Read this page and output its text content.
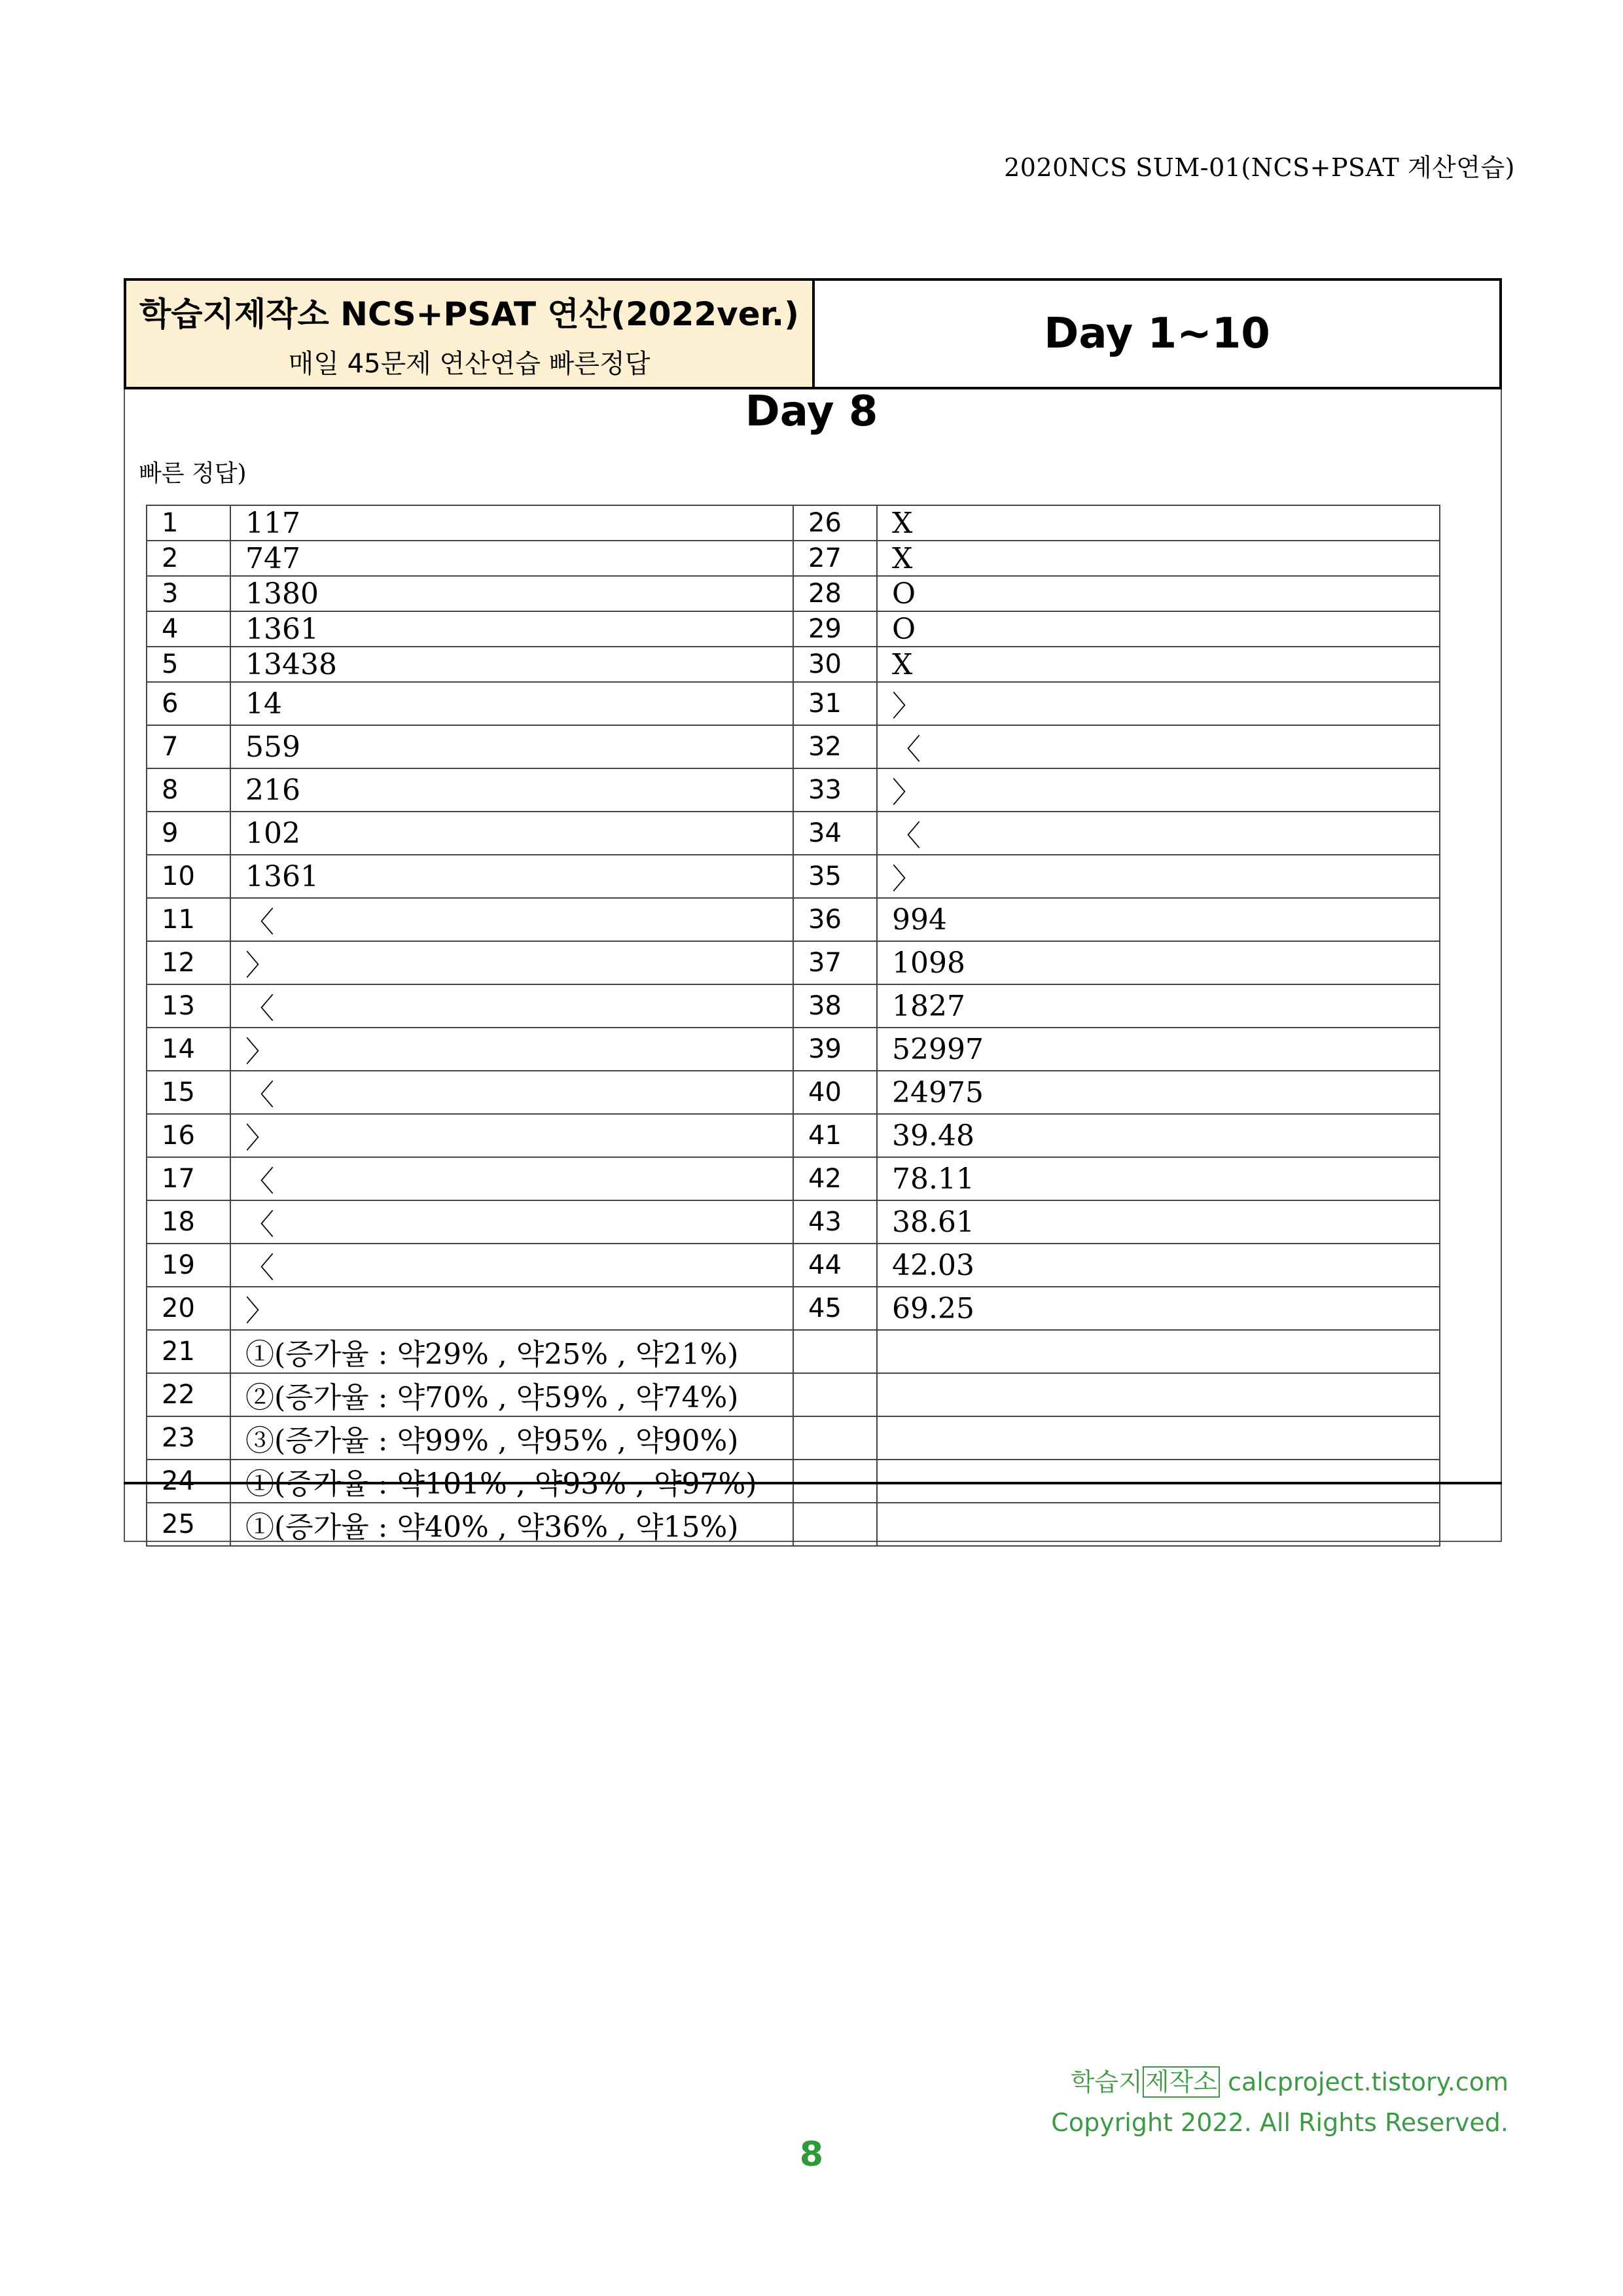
2020NCS SUM-01(NCS+PSAT 계산연습)
학습지제작소 NCS+PSAT 연산(2022ver.)
매일 45문제 연산연습 빠른정답
Day 1~10
Day 8
빠른 정답)
1	117	26	X
2	747	27	X
3	1380	28	O
4	1361	29	O
5	13438	30	X
6	14	31	〉
7	559	32	〈
8	216	33	〉
9	102	34	〈
10	1361	35	〉
11	〈	36	994
12	〉	37	1098
13	〈	38	1827
14	〉	39	52997
15	〈	40	24975
16	〉	41	39.48
17	〈	42	78.11
18	〈	43	38.61
19	〈	44	42.03
20	〉	45	69.25
21	①(증가율 : 약29% , 약25% , 약21%)		
22	②(증가율 : 약70% , 약59% , 약74%)		
23	③(증가율 : 약99% , 약95% , 약90%)		
24	①(증가율 : 약101% , 약93% , 약97%)		
25	①(증가율 : 약40% , 약36% , 약15%)		
학습지 제작소 calcproject.tistory.com
Copyright 2022. All Rights Reserved.
8
